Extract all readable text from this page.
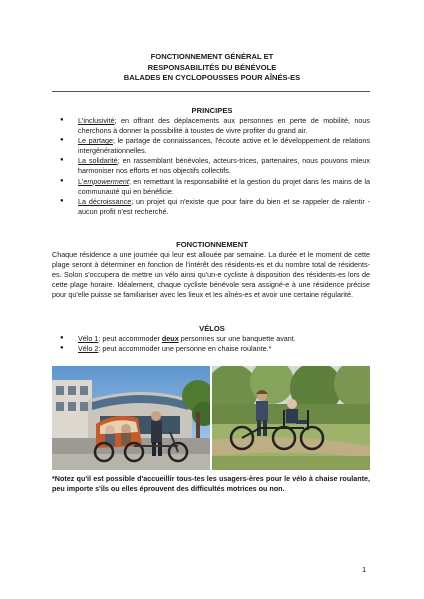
FONCTIONNEMENT GÉNÉRAL ET
RESPONSABILITÉS DU BÉNÉVOLE
BALADES EN CYCLOPOUSSES POUR AÎNÉS-ES
PRINCIPES
● L'inclusivité; en offrant des déplacements aux personnes en perte de mobilité, nous cherchons à donner la possibilité à toustes de vivre profiter du grand air.
● Le partage; le partage de connaissances, l'écoute active et le développement de relations intergénérationnelles.
● La solidarité; en rassemblant bénévoles, acteurs-trices, partenaires, nous pouvons mieux harmoniser nos efforts et nos objectifs collectifs.
● L'empowerment; en remettant la responsabilité et la gestion du projet dans les mains de la communauté qui en bénéficie.
● La décroissance; un projet qui n'existe que pour faire du bien et se rappeler de ralentir - aucun profit n'est recherché.
FONCTIONNEMENT
Chaque résidence a une journée qui leur est allouée par semaine. La durée et le moment de cette plage seront à déterminer en fonction de l'intérêt des résidents-es et du nombre total de résidents-es. Solon s'occupera de mettre un vélo ainsi qu'un-e cycliste à disposition des résidents-es lors de cette plage horaire. Idéalement, chaque cycliste bénévole sera assigné-e à une résidence précise pour qu'elle puisse se familiariser avec les lieux et les aînés-es et avoir une certaine régularité.
VÉLOS
● Vélo 1: peut accommoder deux personnes sur une banquette avant.
● Vélo 2: peut accommoder une personne en chaise roulante.*
*Notez qu'il est possible d'accueillir tous-tes les usagers-ères pour le vélo à chaise roulante, peu importe s'ils ou elles éprouvent des difficultés motrices ou non.
1
